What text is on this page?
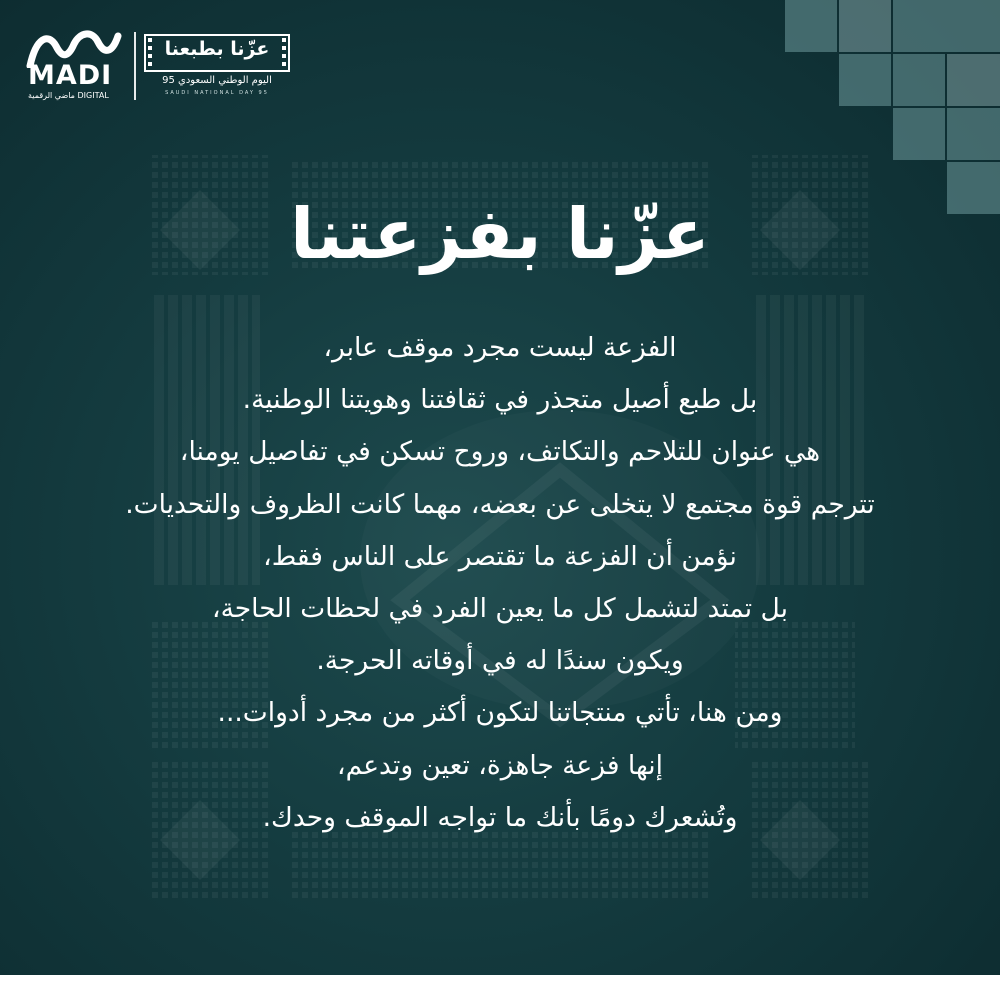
MADI
ماضي الرقمية DIGITAL
عزّنا بطبعنا
اليوم الوطني السعودي 95
SAUDI NATIONAL DAY 95
عزّنا بفزعتنا
الفزعة ليست مجرد موقف عابر،
بل طبع أصيل متجذر في ثقافتنا وهويتنا الوطنية.
هي عنوان للتلاحم والتكاتف، وروح تسكن في تفاصيل يومنا،
تترجم قوة مجتمع لا يتخلى عن بعضه، مهما كانت الظروف والتحديات.
نؤمن أن الفزعة ما تقتصر على الناس فقط،
بل تمتد لتشمل كل ما يعين الفرد في لحظات الحاجة،
ويكون سندًا له في أوقاته الحرجة.
ومن هنا، تأتي منتجاتنا لتكون أكثر من مجرد أدوات...
إنها فزعة جاهزة، تعين وتدعم،
وتُشعرك دومًا بأنك ما تواجه الموقف وحدك.
